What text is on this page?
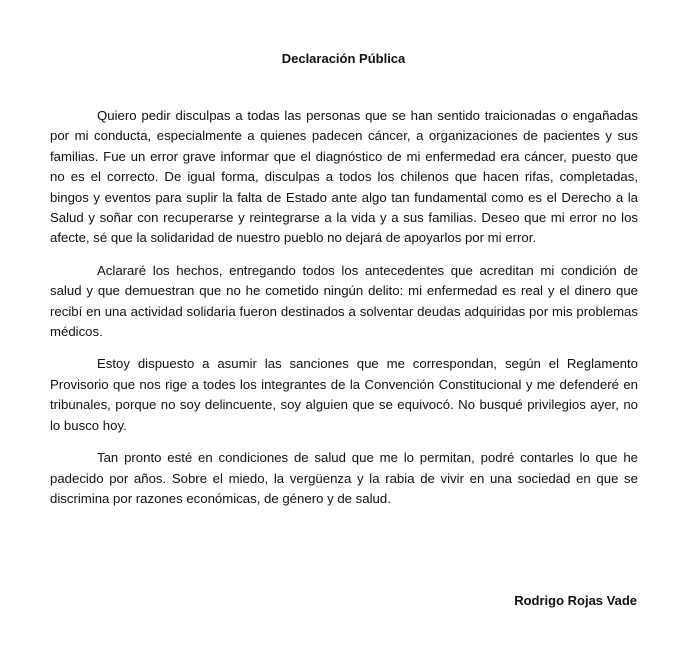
Declaración Pública

Quiero pedir disculpas a todas las personas que se han sentido traicionadas o engañadas por mi conducta, especialmente a quienes padecen cáncer, a organizaciones de pacientes y sus familias. Fue un error grave informar que el diagnóstico de mi enfermedad era cáncer, puesto que no es el correcto. De igual forma, disculpas a todos los chilenos que hacen rifas, completadas, bingos y eventos para suplir la falta de Estado ante algo tan fundamental como es el Derecho a la Salud y soñar con recuperarse y reintegrarse a la vida y a sus familias. Deseo que mi error no los afecte, sé que la solidaridad de nuestro pueblo no dejará de apoyarlos por mi error.

Aclararé los hechos, entregando todos los antecedentes que acreditan mi condición de salud y que demuestran que no he cometido ningún delito: mi enfermedad es real y el dinero que recibí en una actividad solidaria fueron destinados a solventar deudas adquiridas por mis problemas médicos.

Estoy dispuesto a asumir las sanciones que me correspondan, según el Reglamento Provisorio que nos rige a todes los integrantes de la Convención Constitucional y me defenderé en tribunales, porque no soy delincuente, soy alguien que se equivocó. No busqué privilegios ayer, no lo busco hoy.

Tan pronto esté en condiciones de salud que me lo permitan, podré contarles lo que he padecido por años. Sobre el miedo, la vergüenza y la rabia de vivir en una sociedad en que se discrimina por razones económicas, de género y de salud.

Rodrigo Rojas Vade
